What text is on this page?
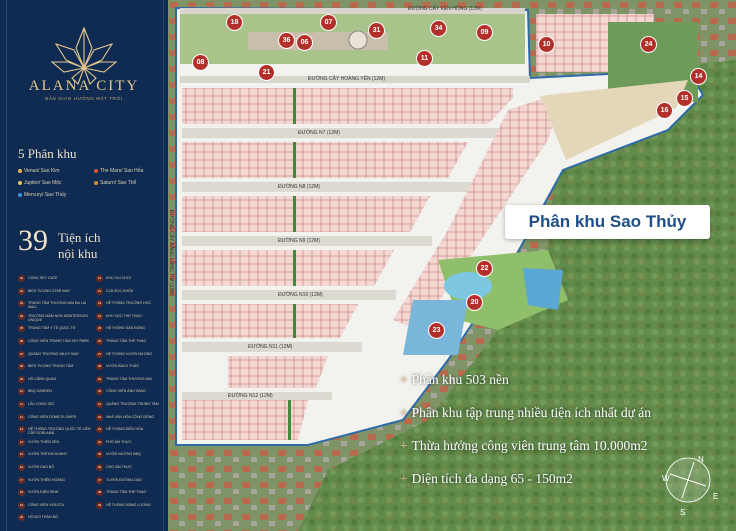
ALANA CITY
BẢN GIAO HƯỞNG MẶT TRỜI
5 Phân khu
Venus/ Sao Kim	The Mars/ Sao Hỏa
Jupiter/ Sao Mộc	Saturn/ Sao Thổ
Mercury/ Sao Thủy
39 Tiện ích
nội khu
01	CỔNG SKY GATE
02	BIỂU TƯỢNG STAR WAY
03	TRUNG TÂM THƯƠNG MẠI ĐA LAI MALL
04	TRƯỜNG MẦM NON MONTESSORI UNIQUE
05	TRUNG TÂM Y TẾ QUỐC TẾ
06	CÔNG VIÊN TRUNG TÂM SKY PARK
07	QUẢNG TRƯỜNG MILKY WAY
08	BIỂU TƯỢNG TRUNG TÂM
09	HỒ CẢNH QUAN
10	BBQ GARDEN
11	LẦU VỌNG GIÓ
12	CÔNG VIÊN DOME FLOWER
13	HỆ THỐNG TRƯỜNG QUỐC TẾ LIÊN CẤP DORLAMA
14	VƯỜN THIỀN ZEN
15	VƯỜN TRẺ EM SUNNY
16	VƯỜN DẠO BỘ
17	VƯỜN THIÊN HOÀNG
18	VƯỜN ĐIỆN SINH
19	CÔNG VIÊN VIOLETA
20	HỒ BƠI TRÀN BỜ
21	KHU VUI CHƠI
22	CLB SỨC KHỎE
23	HỆ THỐNG TRƯỜNG HỌC
24	KHU VỰC THỂ THAO
25	HỆ THỐNG SÂN BÓNG
26	TRUNG TÂM THỂ THAO
27	HỆ THỐNG VƯỜN NƯỚNG
28	VƯỜN BÁCH THẢO
29	TRUNG TÂM THƯƠNG MẠI
30	CÔNG VIÊN ÁNH SÁNG
31	QUẢNG TRƯỜNG TRUNG TÂM
32	NHÀ VĂN HÓA CỘNG ĐỒNG
33	HỆ THỐNG ĐIỀU HÒA
34	PHỐ ẨM THỰC
35	VƯỜN NƯỚNG BBQ
36	CHỢ ẨM THỰC
37	TUYẾN ĐƯỜNG DẠO
38	TRUNG TÂM THỂ THAO
39	HỆ THỐNG NĂNG LƯỢNG
ĐƯỜNG CÂY KÈN HỒNG (12M)
ĐƯỜNG CÂY HOÀNG YẾN (12M)
ĐƯỜNG N7 (12M)
ĐƯỜNG N8 (12M)
ĐƯỜNG N9 (12M)
ĐƯỜNG N10 (12M)
ĐƯỜNG N11 (12M)
ĐƯỜNG N12 (12M)
ĐƯỜNG CÂY BẰNG LĂNG TÍM (19M)
18	07
31	34
09
10	24
36	06
08
21
11
14
15
16
22
20
23
N
E
S
W
Phân khu Sao Thủy
+ Phân khu 503 nền
+ Phân khu tập trung nhiều tiện ích nhất dự án
+ Thừa hưởng công viên trung tâm 10.000m2
+ Diện tích đa dạng 65 - 150m2
